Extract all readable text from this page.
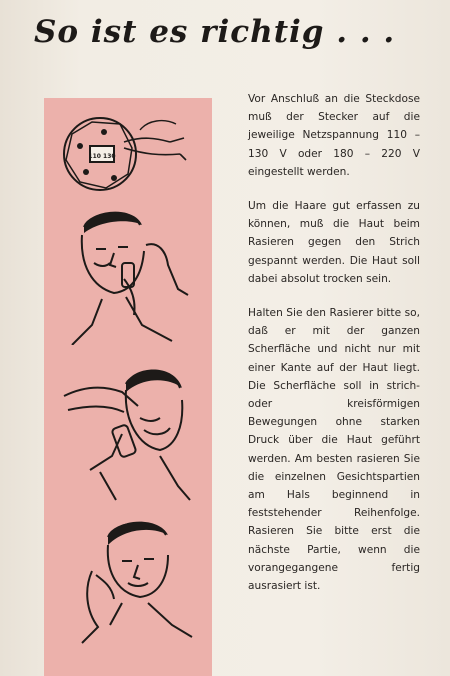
So ist es richtig . . .
110 130

Vor Anschluß an die Steckdose muß der Stecker auf die jeweilige Netzspannung 110 – 130 V oder 180 – 220 V eingestellt werden.

Um die Haare gut erfassen zu können, muß die Haut beim Rasieren gegen den Strich gespannt werden. Die Haut soll dabei absolut trocken sein.

Halten Sie den Rasierer bitte so, daß er mit der ganzen Scherfläche und nicht nur mit einer Kante auf der Haut liegt. Die Scherfläche soll in strich- oder kreisförmigen Bewegungen ohne starken Druck über die Haut geführt werden. Am besten rasieren Sie die einzelnen Gesichtspartien am Hals beginnend in feststehender Reihenfolge. Rasieren Sie bitte erst die nächste Partie, wenn die vorangegangene fertig ausrasiert ist.
